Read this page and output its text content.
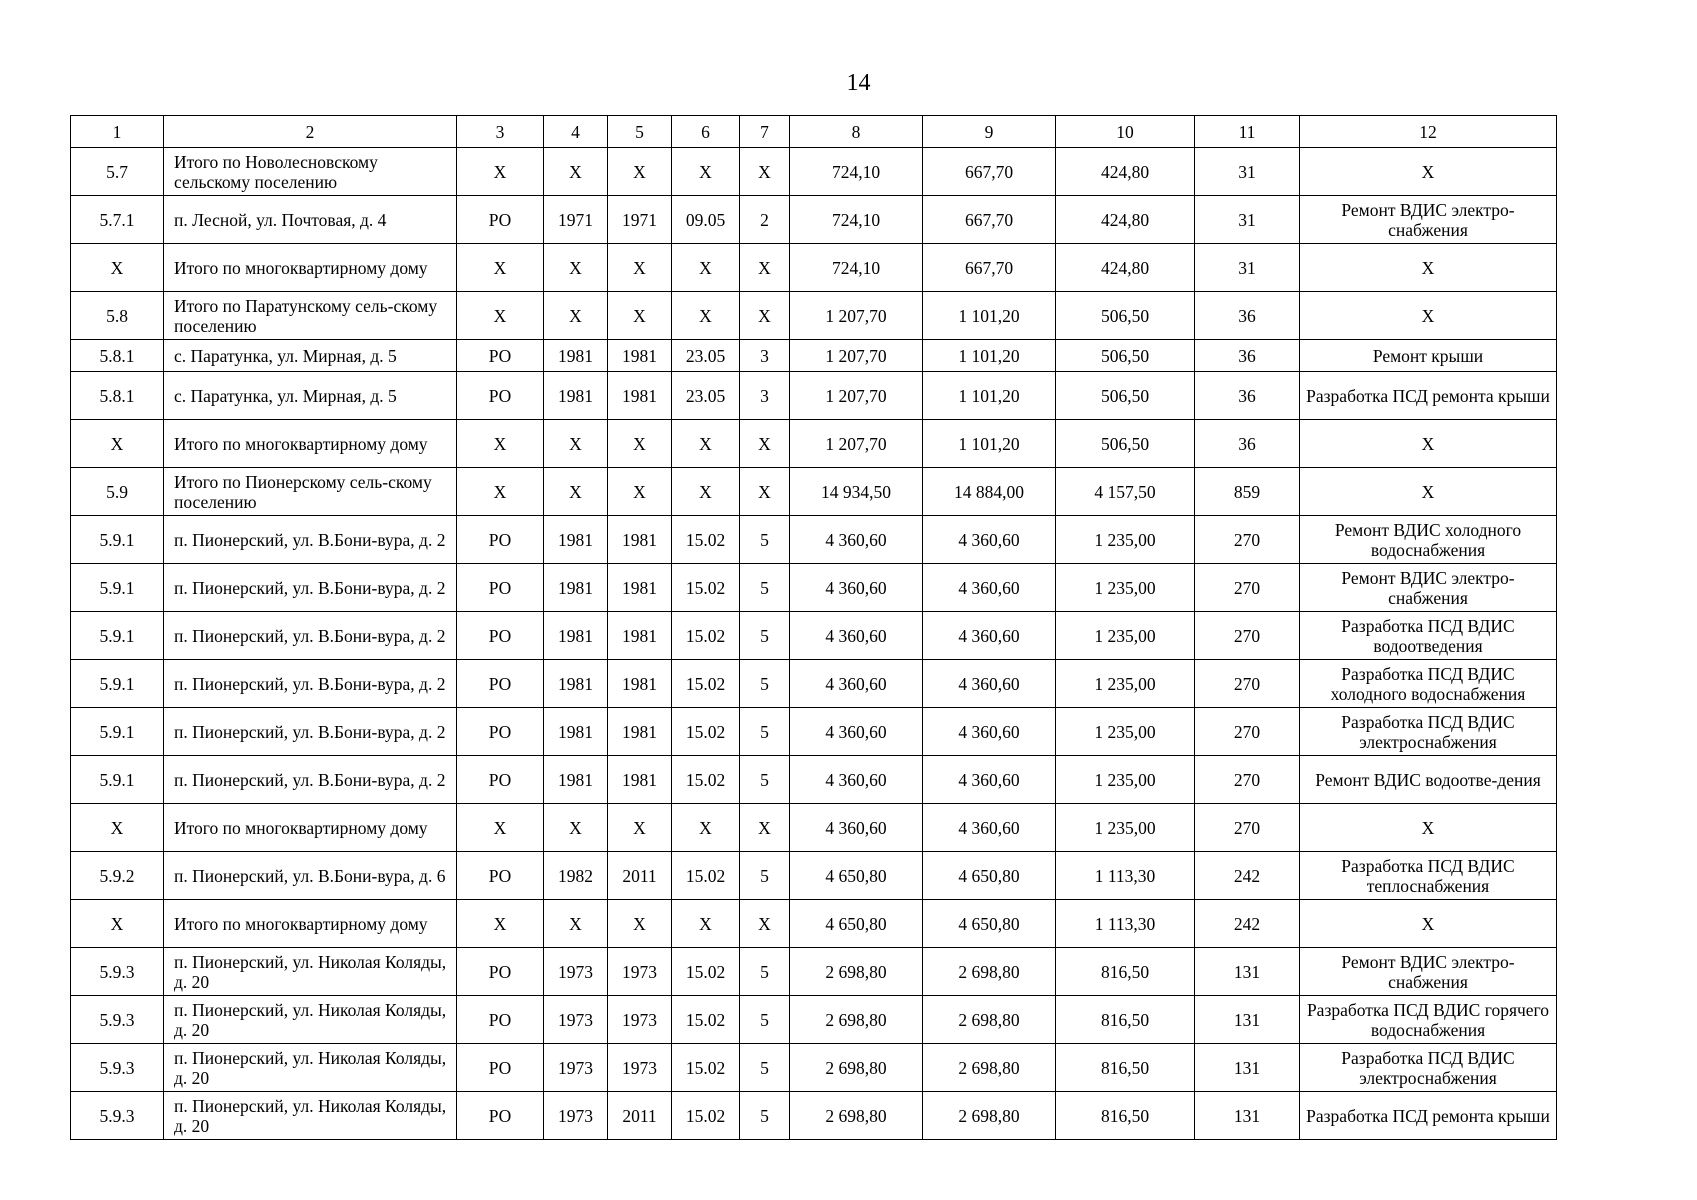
14
1	2	3	4	5	6	7	8	9	10	11	12
5.7	Итого по Новолесновскому сельскому поселению	Х	Х	Х	Х	Х	724,10	667,70	424,80	31	Х
5.7.1	п. Лесной, ул. Почтовая, д. 4	РО	1971	1971	09.05	2	724,10	667,70	424,80	31	Ремонт ВДИС электро-снабжения
Х	Итого по многоквартирному дому	Х	Х	Х	Х	Х	724,10	667,70	424,80	31	Х
5.8	Итого по Паратунскому сель-скому поселению	Х	Х	Х	Х	Х	1 207,70	1 101,20	506,50	36	Х
5.8.1	с. Паратунка, ул. Мирная, д. 5	РО	1981	1981	23.05	3	1 207,70	1 101,20	506,50	36	Ремонт крыши
5.8.1	с. Паратунка, ул. Мирная, д. 5	РО	1981	1981	23.05	3	1 207,70	1 101,20	506,50	36	Разработка ПСД ремонта крыши
Х	Итого по многоквартирному дому	Х	Х	Х	Х	Х	1 207,70	1 101,20	506,50	36	Х
5.9	Итого по Пионерскому сель-скому поселению	Х	Х	Х	Х	Х	14 934,50	14 884,00	4 157,50	859	Х
5.9.1	п. Пионерский, ул. В.Бони-вура, д. 2	РО	1981	1981	15.02	5	4 360,60	4 360,60	1 235,00	270	Ремонт ВДИС холодного водоснабжения
5.9.1	п. Пионерский, ул. В.Бони-вура, д. 2	РО	1981	1981	15.02	5	4 360,60	4 360,60	1 235,00	270	Ремонт ВДИС электро-снабжения
5.9.1	п. Пионерский, ул. В.Бони-вура, д. 2	РО	1981	1981	15.02	5	4 360,60	4 360,60	1 235,00	270	Разработка ПСД ВДИС водоотведения
5.9.1	п. Пионерский, ул. В.Бони-вура, д. 2	РО	1981	1981	15.02	5	4 360,60	4 360,60	1 235,00	270	Разработка ПСД ВДИС холодного водоснабжения
5.9.1	п. Пионерский, ул. В.Бони-вура, д. 2	РО	1981	1981	15.02	5	4 360,60	4 360,60	1 235,00	270	Разработка ПСД ВДИС электроснабжения
5.9.1	п. Пионерский, ул. В.Бони-вура, д. 2	РО	1981	1981	15.02	5	4 360,60	4 360,60	1 235,00	270	Ремонт ВДИС водоотве-дения
Х	Итого по многоквартирному дому	Х	Х	Х	Х	Х	4 360,60	4 360,60	1 235,00	270	Х
5.9.2	п. Пионерский, ул. В.Бони-вура, д. 6	РО	1982	2011	15.02	5	4 650,80	4 650,80	1 113,30	242	Разработка ПСД ВДИС теплоснабжения
Х	Итого по многоквартирному дому	Х	Х	Х	Х	Х	4 650,80	4 650,80	1 113,30	242	Х
5.9.3	п. Пионерский, ул. Николая Коляды, д. 20	РО	1973	1973	15.02	5	2 698,80	2 698,80	816,50	131	Ремонт ВДИС электро-снабжения
5.9.3	п. Пионерский, ул. Николая Коляды, д. 20	РО	1973	1973	15.02	5	2 698,80	2 698,80	816,50	131	Разработка ПСД ВДИС горячего водоснабжения
5.9.3	п. Пионерский, ул. Николая Коляды, д. 20	РО	1973	1973	15.02	5	2 698,80	2 698,80	816,50	131	Разработка ПСД ВДИС электроснабжения
5.9.3	п. Пионерский, ул. Николая Коляды, д. 20	РО	1973	2011	15.02	5	2 698,80	2 698,80	816,50	131	Разработка ПСД ремонта крыши
